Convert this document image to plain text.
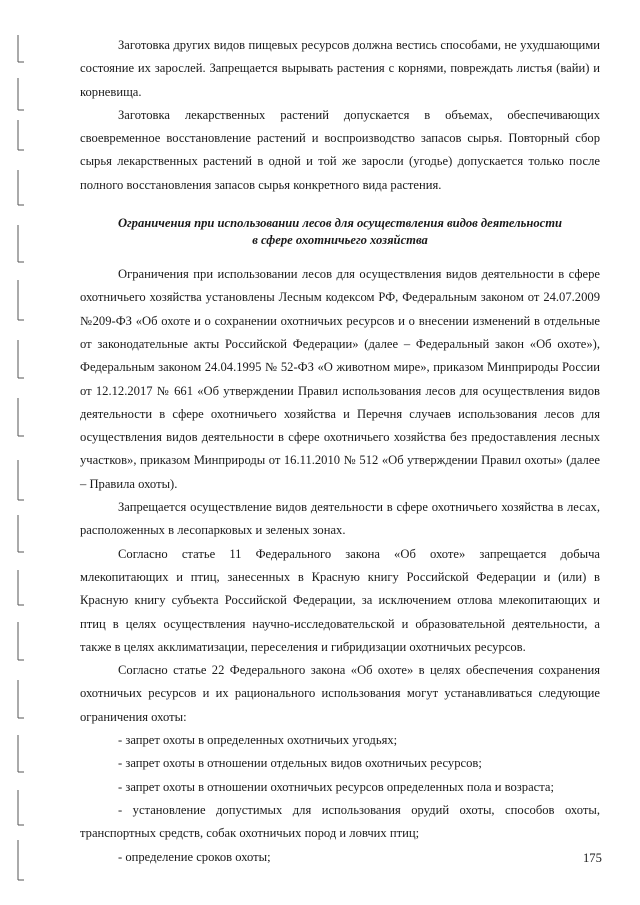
Заготовка других видов пищевых ресурсов должна вестись способами, не ухудшающими состояние их зарослей. Запрещается вырывать растения с корнями, повреждать листья (вайи) и корневища.

Заготовка лекарственных растений допускается в объемах, обеспечивающих своевременное восстановление растений и воспроизводство запасов сырья. Повторный сбор сырья лекарственных растений в одной и той же заросли (угодье) допускается только после полного восстановления запасов сырья конкретного вида растения.

Ограничения при использовании лесов для осуществления видов деятельности
в сфере охотничьего хозяйства

Ограничения при использовании лесов для осуществления видов деятельности в сфере охотничьего хозяйства установлены Лесным кодексом РФ, Федеральным законом от 24.07.2009 №209-ФЗ «Об охоте и о сохранении охотничьих ресурсов и о внесении изменений в отдельные от законодательные акты Российской Федерации» (далее – Федеральный закон «Об охоте»), Федеральным законом 24.04.1995 № 52-ФЗ «О животном мире», приказом Минприроды России от 12.12.2017 № 661 «Об утверждении Правил использования лесов для осуществления видов деятельности в сфере охотничьего хозяйства и Перечня случаев использования лесов для осуществления видов деятельности в сфере охотничьего хозяйства без предоставления лесных участков», приказом Минприроды от 16.11.2010 № 512 «Об утверждении Правил охоты» (далее – Правила охоты).

Запрещается осуществление видов деятельности в сфере охотничьего хозяйства в лесах, расположенных в лесопарковых и зеленых зонах.

Согласно статье 11 Федерального закона «Об охоте» запрещается добыча млекопитающих и птиц, занесенных в Красную книгу Российской Федерации и (или) в Красную книгу субъекта Российской Федерации, за исключением отлова млекопитающих и птиц в целях осуществления научно-исследовательской и образовательной деятельности, а также в целях акклиматизации, переселения и гибридизации охотничьих ресурсов.

Согласно статье 22 Федерального закона «Об охоте» в целях обеспечения сохранения охотничьих ресурсов и их рационального использования могут устанавливаться следующие ограничения охоты:

- запрет охоты в определенных охотничьих угодьях;

- запрет охоты в отношении отдельных видов охотничьих ресурсов;

- запрет охоты в отношении охотничьих ресурсов определенных пола и возраста;

- установление допустимых для использования орудий охоты, способов охоты, транспортных средств, собак охотничьих пород и ловчих птиц;

- определение сроков охоты;	175
